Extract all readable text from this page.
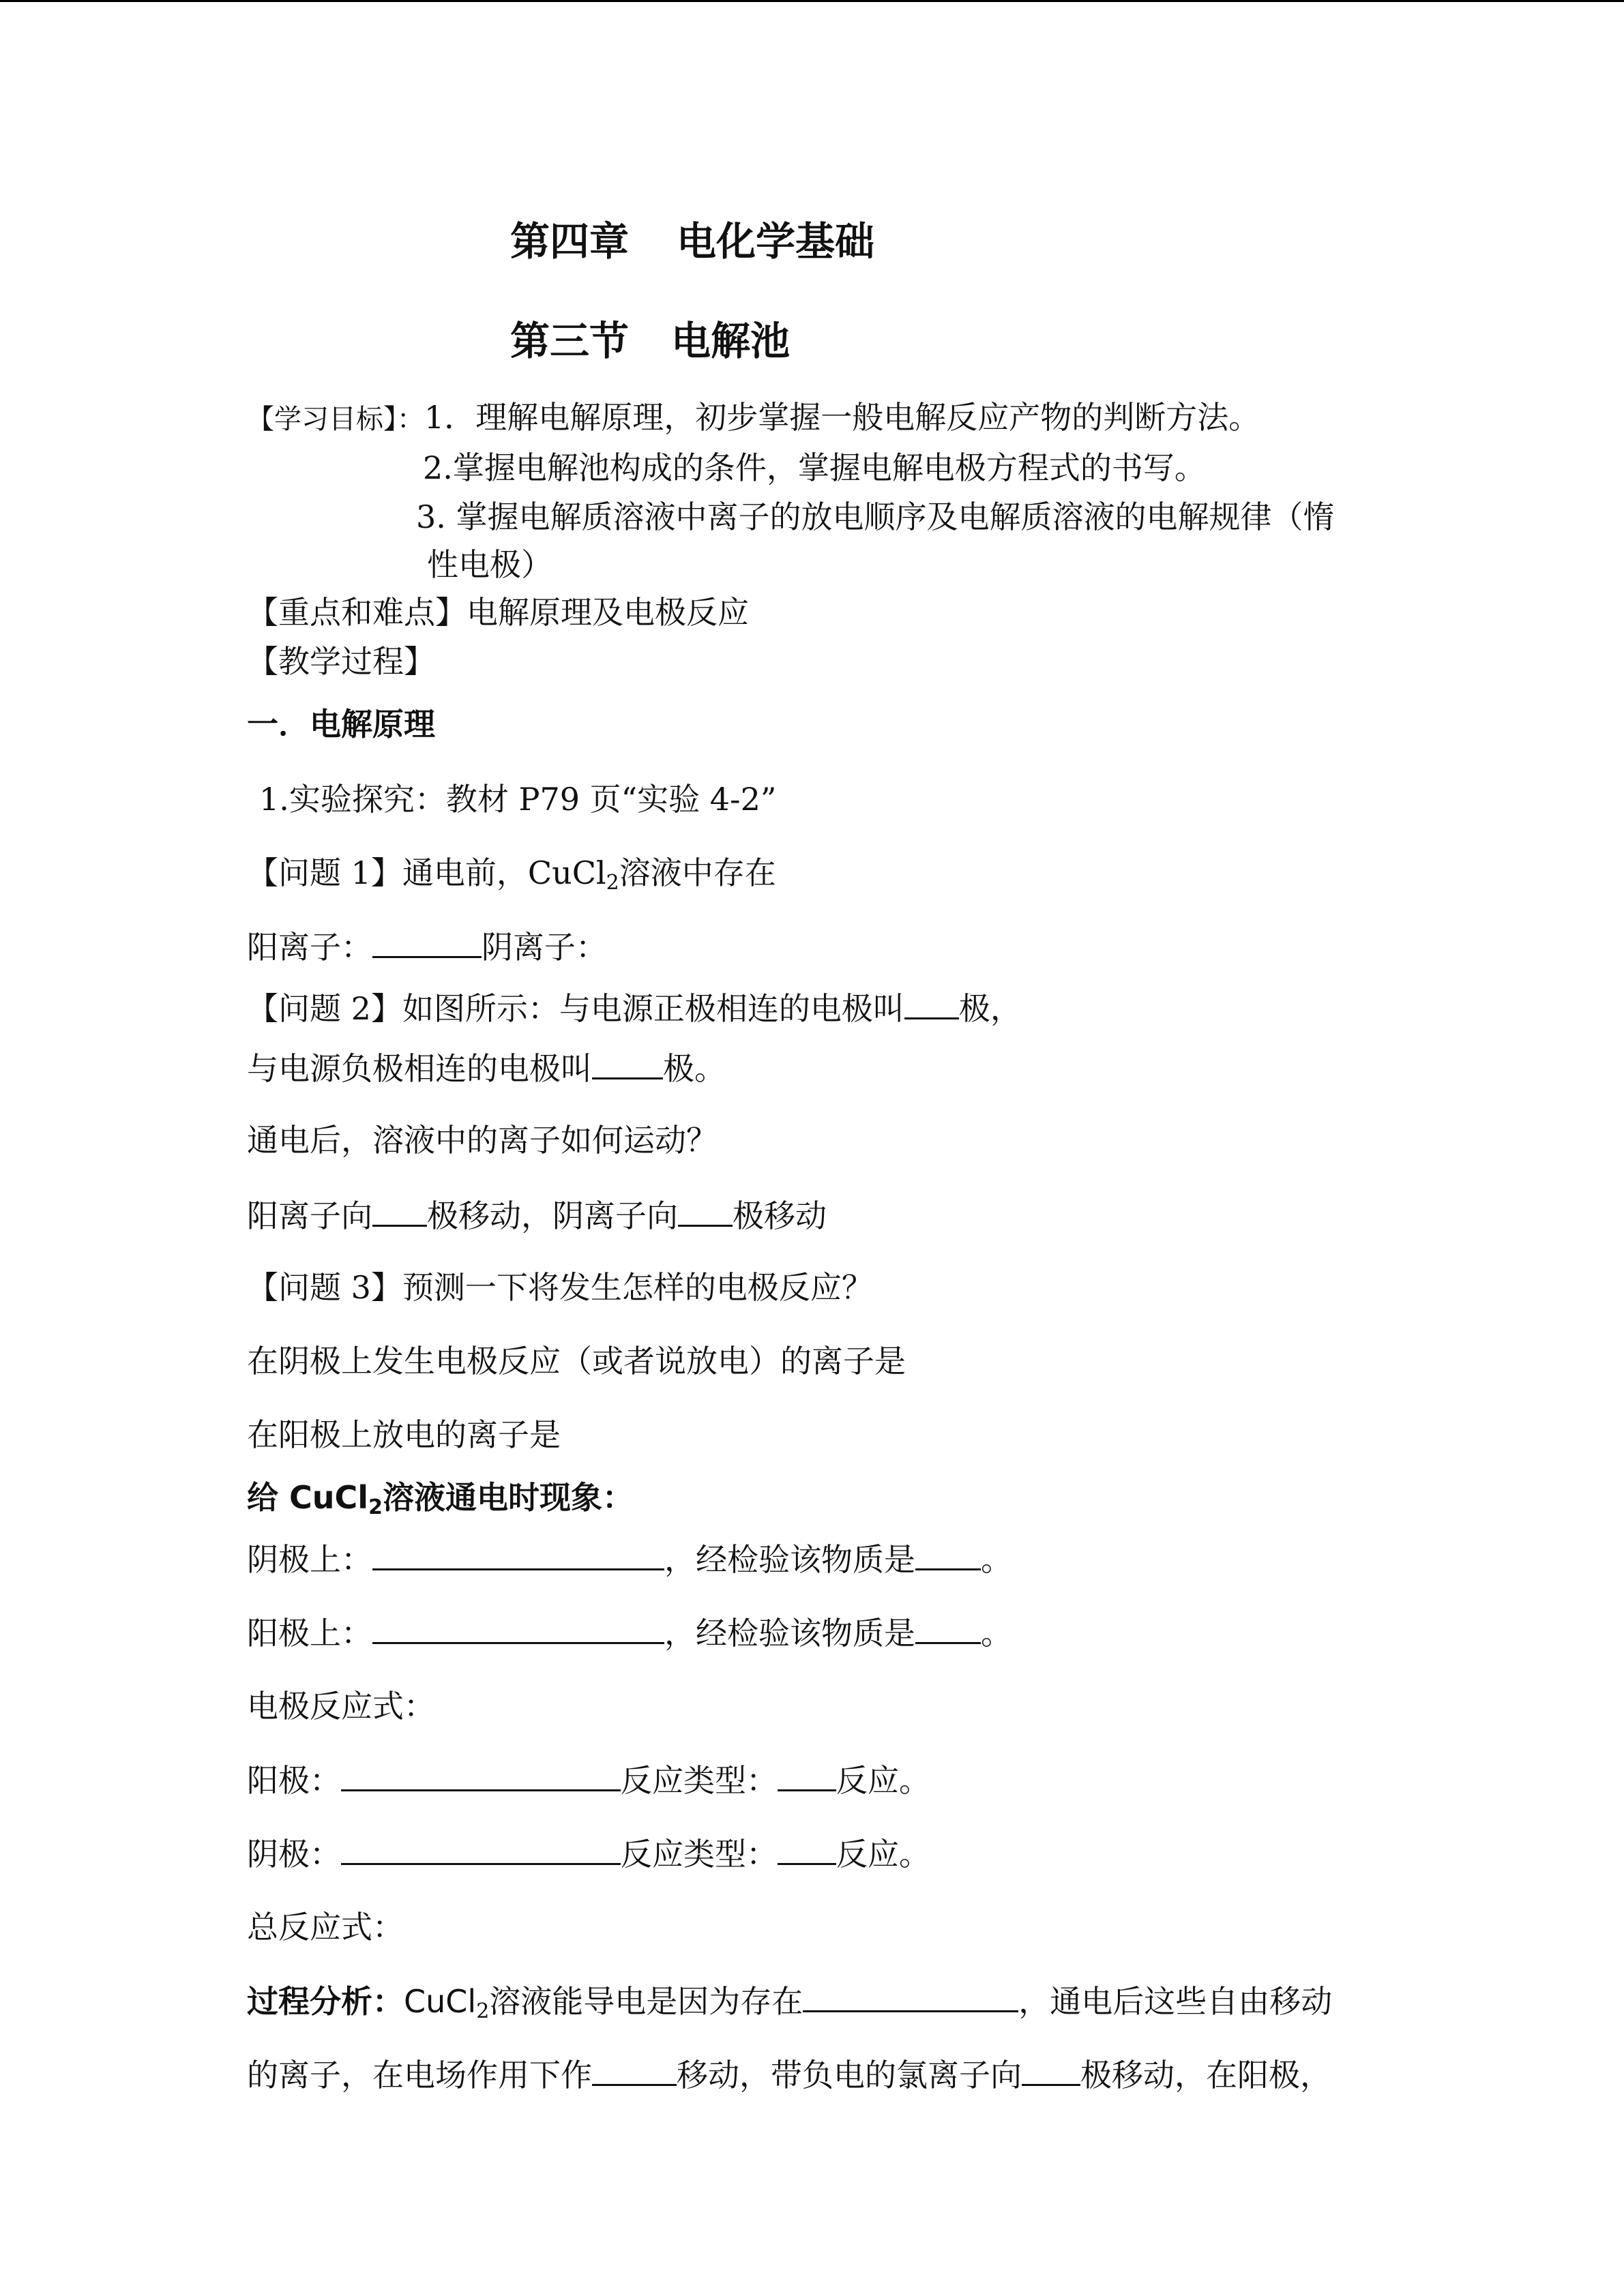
第四章 电化学基础
第三节 电解池
【学习目标】：1．理解电解原理，初步掌握一般电解反应产物的判断方法。
2.掌握电解池构成的条件，掌握电解电极方程式的书写。
3. 掌握电解质溶液中离子的放电顺序及电解质溶液的电解规律（惰
性电极）
【重点和难点】电解原理及电极反应
【教学过程】
一．电解原理
1.实验探究：教材 P79 页“实验 4-2”
【问题 1】通电前，CuCl$_2$溶液中存在
阳离子：	阴离子：
【问题 2】如图所示：与电源正极相连的电极叫 极，
与电源负极相连的电极叫 极。
通电后，溶液中的离子如何运动？
阳离子向 极移动，阴离子向 极移动
【问题 3】预测一下将发生怎样的电极反应？
在阴极上发生电极反应（或者说放电）的离子是
在阳极上放电的离子是
给 CuCl$_2$溶液通电时现象：
阴极上：	，经检验该物质是 。
阳极上：	，经检验该物质是 。
电极反应式：
阳极：	反应类型： 反应。
阴极：	反应类型： 反应。
总反应式：
过程分析：CuCl$_2$溶液能导电是因为存在	，通电后这些自由移动
的离子，在电场作用下作	移动，带负电的氯离子向 极移动，在阳极，
